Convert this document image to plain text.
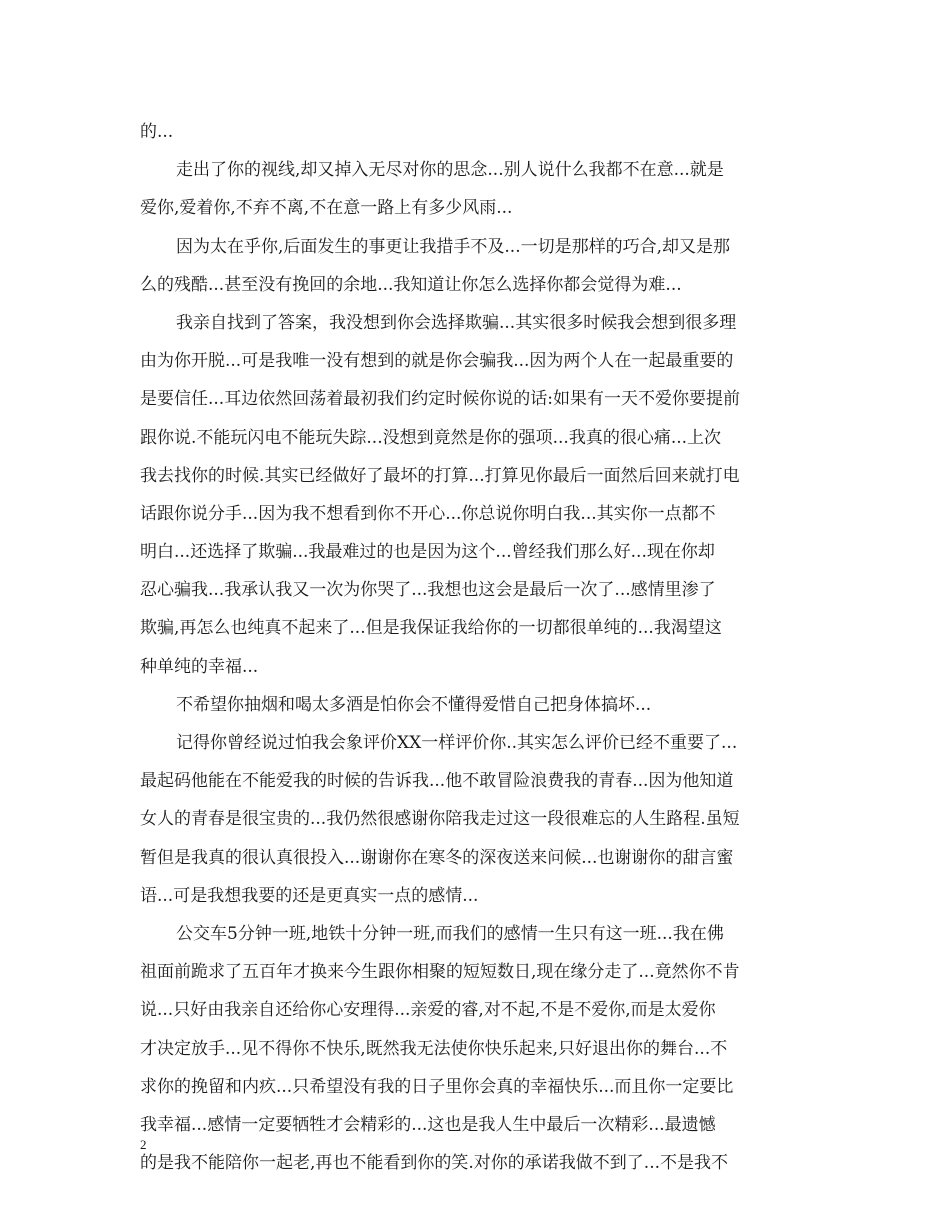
的...
走出了你的视线,却又掉入无尽对你的思念...别人说什么我都不在意...就是
爱你,爱着你,不弃不离,不在意一路上有多少风雨...
因为太在乎你,后面发生的事更让我措手不及...一切是那样的巧合,却又是那
么的残酷...甚至没有挽回的余地...我知道让你怎么选择你都会觉得为难...
我亲自找到了答案，我没想到你会选择欺骗...其实很多时候我会想到很多理
由为你开脱...可是我唯一没有想到的就是你会骗我...因为两个人在一起最重要的
是要信任...耳边依然回荡着最初我们约定时候你说的话:如果有一天不爱你要提前
跟你说.不能玩闪电不能玩失踪...没想到竟然是你的强项...我真的很心痛...上次
我去找你的时候.其实已经做好了最坏的打算...打算见你最后一面然后回来就打电
话跟你说分手...因为我不想看到你不开心...你总说你明白我...其实你一点都不
明白...还选择了欺骗...我最难过的也是因为这个...曾经我们那么好...现在你却
忍心骗我...我承认我又一次为你哭了...我想也这会是最后一次了...感情里渗了
欺骗,再怎么也纯真不起来了...但是我保证我给你的一切都很单纯的...我渴望这
种单纯的幸福...
不希望你抽烟和喝太多酒是怕你会不懂得爱惜自己把身体搞坏...
记得你曾经说过怕我会象评价XX一样评价你..其实怎么评价已经不重要了...
最起码他能在不能爱我的时候的告诉我...他不敢冒险浪费我的青春...因为他知道
女人的青春是很宝贵的...我仍然很感谢你陪我走过这一段很难忘的人生路程.虽短
暂但是我真的很认真很投入...谢谢你在寒冬的深夜送来问候...也谢谢你的甜言蜜
语...可是我想我要的还是更真实一点的感情...
公交车5分钟一班,地铁十分钟一班,而我们的感情一生只有这一班...我在佛
祖面前跪求了五百年才换来今生跟你相聚的短短数日,现在缘分走了...竟然你不肯
说...只好由我亲自还给你心安理得...亲爱的睿,对不起,不是不爱你,而是太爱你
才决定放手...见不得你不快乐,既然我无法使你快乐起来,只好退出你的舞台...不
求你的挽留和内疚...只希望没有我的日子里你会真的幸福快乐...而且你一定要比
我幸福...感情一定要牺牲才会精彩的...这也是我人生中最后一次精彩...最遗憾
的是我不能陪你一起老,再也不能看到你的笑.对你的承诺我做不到了...不是我不
2
